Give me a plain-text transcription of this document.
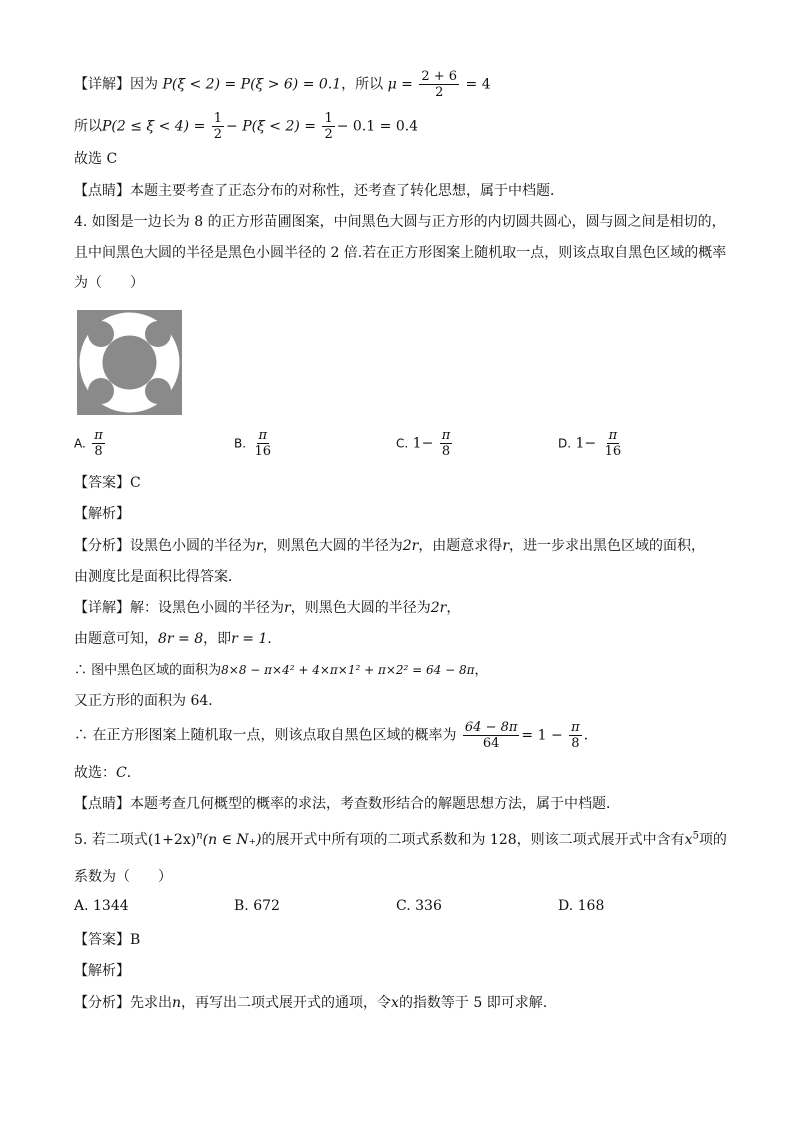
【详解】因为 P(ξ < 2) = P(ξ > 6) = 0.1，所以 $\mu = \frac{2 + 6}{2} = 4$
所以$P(2 \le \xi < 4) = \frac{1}{2} - P(\xi < 2) = \frac{1}{2} - 0.1 = 0.4$
故选 C
【点睛】本题主要考查了正态分布的对称性，还考查了转化思想，属于中档题．
4. 如图是一边长为 8 的正方形苗圃图案，中间黑色大圆与正方形的内切圆共圆心，圆与圆之间是相切的，
且中间黑色大圆的半径是黑色小圆半径的 2 倍.若在正方形图案上随机取一点，则该点取自黑色区域的概率
为（　　）
A. $\frac{\pi}{8}$	B. $\frac{\pi}{16}$	C. $1- \frac{\pi}{8}$	D. $1- \frac{\pi}{16}$
【答案】C
【解析】
【分析】设黑色小圆的半径为r，则黑色大圆的半径为2r，由题意求得r，进一步求出黑色区域的面积，
由测度比是面积比得答案．
【详解】解：设黑色小圆的半径为r，则黑色大圆的半径为2r，
由题意可知，8r = 8，即r = 1．
∴ 图中黑色区域的面积为8×8 − π×4² + 4×π×1² + π×2² = 64 − 8π，
又正方形的面积为 64．
∴ 在正方形图案上随机取一点，则该点取自黑色区域的概率为 $\frac{64 - 8\pi}{64} = 1 - \frac{\pi}{8}$ ．
故选：C．
【点睛】本题考查几何概型的概率的求法，考查数形结合的解题思想方法，属于中档题．
5. 若二项式$(1+2x)^n(n$ ∈ N₊)的展开式中所有项的二项式系数和为 128，则该二项式展开式中含有$x^5$项的
系数为（　　）
A. 1344	B. 672	C. 336	D. 168
【答案】B
【解析】
【分析】先求出n，再写出二项式展开式的通项，令x的指数等于 5 即可求解.
